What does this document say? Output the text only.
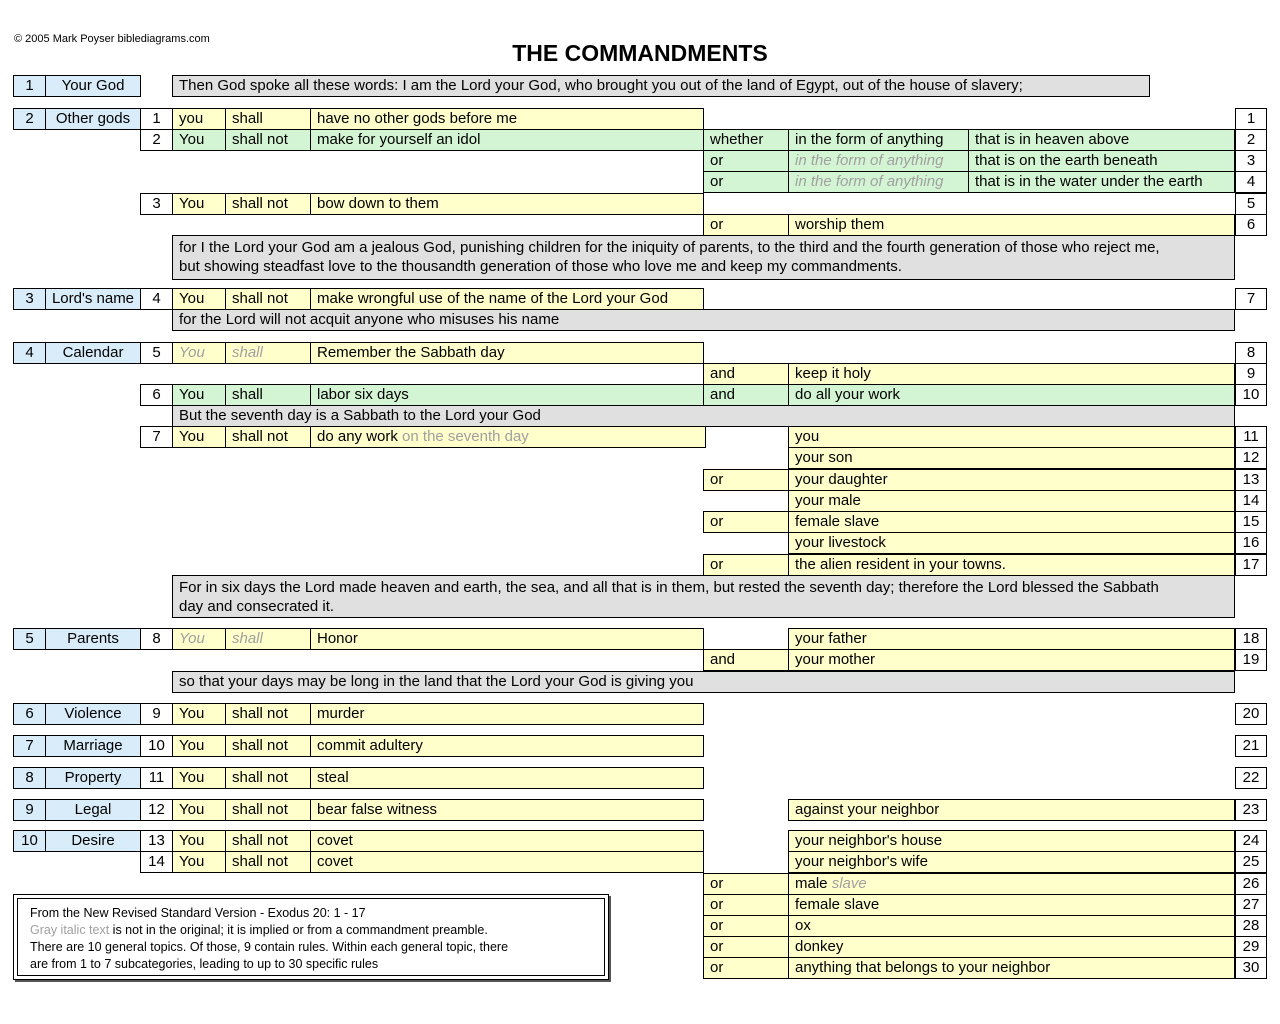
© 2005 Mark Poyser biblediagrams.com
THE COMMANDMENTS
1	Your God	Then God spoke all these words: I am the Lord your God, who brought you out of the land of Egypt, out of the house of slavery;
2	Other gods	1	you	shall	have no other gods before me	1
2	You	shall not	make for yourself an idol	whether	in the form of anything	that is in heaven above	2
or	in the form of anything	that is on the earth beneath	3
or	in the form of anything	that is in the water under the earth	4
3	You	shall not	bow down to them	5
or	worship them	6
for I the Lord your God am a jealous God, punishing children for the iniquity of parents, to the third and the fourth generation of those who reject me,
but showing steadfast love to the thousandth generation of those who love me and keep my commandments.
3	Lord's name	4	You	shall not	make wrongful use of the name of the Lord your God	7
for the Lord will not acquit anyone who misuses his name
4	Calendar	5	You	shall	Remember the Sabbath day	8
and	keep it holy	9
6	You	shall	labor six days	and	do all your work	10
But the seventh day is a Sabbath to the Lord your God
7	You	shall not	do any work on the seventh day	you	11
your son	12
or	your daughter	13
your male	14
or	female slave	15
your livestock	16
or	the alien resident in your towns.	17
For in six days the Lord made heaven and earth, the sea, and all that is in them, but rested the seventh day; therefore the Lord blessed the Sabbath
day and consecrated it.
5	Parents	8	You	shall	Honor	your father	18
and	your mother	19
so that your days may be long in the land that the Lord your God is giving you
6	Violence	9	You	shall not	murder	20
7	Marriage	10 You	shall not	commit adultery	21
8	Property	11 You	shall not	steal	22
9	Legal	12 You	shall not	bear false witness	against your neighbor	23
10	Desire	13 You	shall not	covet	your neighbor's house	24
14 You	shall not	covet	your neighbor's wife	25
or	male slave	26
or	female slave	27
or	ox	28
or	donkey	29
or	anything that belongs to your neighbor	30
From the New Revised Standard Version - Exodus 20: 1 - 17
Gray italic text is not in the original; it is implied or from a commandment preamble.
There are 10 general topics. Of those, 9 contain rules. Within each general topic, there
are from 1 to 7 subcategories, leading to up to 30 specific rules
